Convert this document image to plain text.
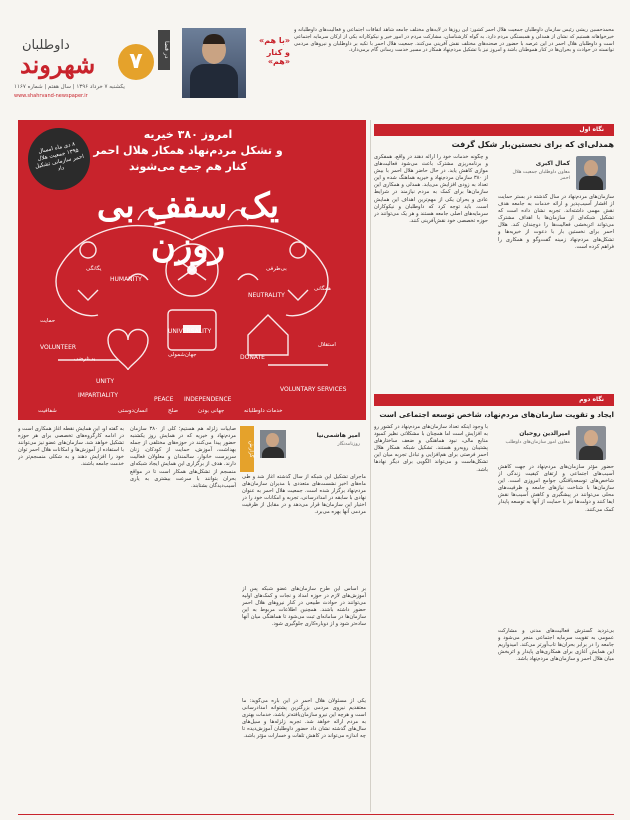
۷
داوطلبان
شهروند
یکشنبه ۷ خرداد ۱۳۹۶ | سال هفتم | شماره ۱۱۶۷
www.shahrvand-newspaper.ir
در فضا
«با هم»
و کنار «هم»
محمدحسین ریشی رئیس سازمان داوطلبان جمعیت هلال احمر کشور: این روزها در لایه‌های مختلف جامعه شاهد اتفاقات اجتماعی و فعالیت‌های داوطلبانه و خیرخواهانه هستیم که نشان از همدلی و همبستگی مردم دارد. به گواه کارشناسان، مشارکت مردم در امور خیر و نیکوکارانه یکی از ارکان سرمایه اجتماعی است و داوطلبان هلال احمر در این عرصه با حضور در صحنه‌های مختلف نقش آفرینی می‌کنند. جمعیت هلال احمر با تکیه بر داوطلبان و نیروهای مردمی توانسته در حوادث و بحران‌ها در کنار هموطنان باشد و امروز نیز با تشکیل مردم‌نهاد همکار در مسیر خدمت رسانی گام برمی‌دارد.
امروز ۳۸۰ خیریه
و تشکل مردم‌نهاد همکار هلال احمر
کنار هم جمع می‌شوند
یک سقفِ بی روزن
۸ دی ماه امسال ۱۳۹۵ جمعیت هلال احمر سازمانی تشکیل داد
HUMANITY
NEUTRALITY
UNIVERSALITY
VOLUNTEER
UNITY
IMPARTIALITY
DONATE
INDEPENDENCE
VOLUNTARY SERVICES
PEACE
یگانگی	بی‌طرفی
استقلال
جهانی بودن
صلح
جهان‌شمولی
خدمات داوطلبانه
بی‌غرضی
انسان‌دوستی
شفافیت
همگانی
حمایت
نگاه اول
همدلی‌ای که برای نخستین‌بار شکل گرفت
کمال اکبری
معاون داوطلبان جمعیت هلال احمر
و چگونه خدمات خود را ارائه دهند در واقع، همفکری و برنامه‌ریزی مشترک باعث می‌شود فعالیت‌های موازی کاهش یابد. در حال حاضر هلال احمر با بیش از ۳۸۰ سازمان مردم‌نهاد و خیریه هماهنگ شده و این تعداد به زودی افزایش می‌یابد. همدلی و همکاری این سازمان‌ها برای کمک به مردم نیازمند در شرایط عادی و بحران یکی از مهم‌ترین اهداف این همایش است. باید توجه کرد که داوطلبان و نیکوکاران سرمایه‌های اصلی جامعه هستند و هر یک می‌توانند در حوزه تخصصی خود نقش‌آفرینی کنند.
سازمان‌های مردم‌نهاد در سال گذشته در بستر حمایت از اقشار آسیب‌پذیر و ارائه خدمات به جامعه هدف نقش مهمی داشته‌اند. تجربه نشان داده است که تشکیل شبکه‌ای از سازمان‌ها با اهداف مشترک می‌تواند اثربخشی فعالیت‌ها را دوچندان کند. هلال احمر برای نخستین بار با دعوت از خیریه‌ها و تشکل‌های مردم‌نهاد زمینه گفت‌وگو و همکاری را فراهم کرده است.
نگاه دوم
ایجاد و تقویت سازمان‌های مردم‌نهاد، شاخص توسعه اجتماعی است
امیرالدین روحبان
معاون امور سازمان‌های داوطلب
با وجود اینکه تعداد سازمان‌های مردم‌نهاد در کشور رو به افزایش است اما همچنان با مشکلاتی نظیر کمبود منابع مالی، نبود هماهنگی و ضعف ساختارهای پشتیبان روبه‌رو هستند. تشکیل شبکه همکار هلال احمر فرصتی برای هم‌افزایی و تبادل تجربه میان این تشکل‌هاست و می‌تواند الگویی برای دیگر نهادها باشد. حضور مؤثر سازمان‌های مردم‌نهاد در جهت کاهش آسیب‌های اجتماعی و ارتقای کیفیت زندگی از شاخص‌های توسعه‌یافتگی جوامع امروزی است. این سازمان‌ها با شناخت نیازهای جامعه و ظرفیت‌های محلی می‌توانند در پیشگیری و کاهش آسیب‌ها نقش ایفا کنند و دولت‌ها نیز با حمایت از آنها به توسعه پایدار کمک می‌کنند.
بی‌تردید گسترش فعالیت‌های مدنی و مشارکت عمومی به تقویت سرمایه اجتماعی منجر می‌شود و جامعه را در برابر بحران‌ها تاب‌آورتر می‌کند. امیدواریم این همایش آغازی برای همکاری‌های پایدار و اثربخش میان هلال احمر و سازمان‌های مردم‌نهاد باشد.
گزارش
امیر هاشمی‌نیا
روزنامه‌نگار
به گفته او، این همایش نقطه آغاز همکاری است و در ادامه کارگروه‌های تخصصی برای هر حوزه تشکیل خواهد شد. سازمان‌های عضو نیز می‌توانند با استفاده از آموزش‌ها و امکانات هلال احمر توان خود را افزایش دهند و به شکلی منسجم‌تر در خدمت جامعه باشند.
صابیات زلزله هم هستیم؛ کلی از ۳۸۰ سازمان مردم‌نهاد و خیریه که در همایش روز یکشنبه حضور پیدا می‌کنند در حوزه‌های مختلفی از جمله بهداشت، آموزش، حمایت از کودکان، زنان سرپرست خانوار، سالمندان و معلولان فعالیت دارند. هدف از برگزاری این همایش ایجاد شبکه‌ای منسجم از تشکل‌های همکار است تا در مواقع بحران بتوانند با سرعت بیشتری به یاری آسیب‌دیدگان بشتابند.
ماجرای تشکیل این شبکه از سال گذشته آغاز شد و طی ماه‌های اخیر نشست‌های متعددی با مدیران سازمان‌های مردم‌نهاد برگزار شده است. جمعیت هلال احمر به عنوان نهادی با سابقه در امدادرسانی، تجربه و امکانات خود را در اختیار این سازمان‌ها قرار می‌دهد و در مقابل از ظرفیت مردمی آنها بهره می‌برد.
بر اساس این طرح سازمان‌های عضو شبکه پس از آموزش‌های لازم در حوزه امداد و نجات و کمک‌های اولیه می‌توانند در حوادث طبیعی در کنار نیروهای هلال احمر حضور داشته باشند. همچنین اطلاعات مربوط به این سازمان‌ها در سامانه‌ای ثبت می‌شود تا هماهنگی میان آنها ساده‌تر شود و از دوباره‌کاری جلوگیری شود.
یکی از مسئولان هلال احمر در این باره می‌گوید: ما معتقدیم نیروی مردمی بزرگترین پشتوانه امدادرسانی است و هرچه این نیرو سازمان‌یافته‌تر باشد، خدمات بهتری به مردم ارائه خواهد شد. تجربه زلزله‌ها و سیل‌های سال‌های گذشته نشان داد حضور داوطلبان آموزش‌دیده تا چه اندازه می‌تواند در کاهش تلفات و خسارات مؤثر باشد.
